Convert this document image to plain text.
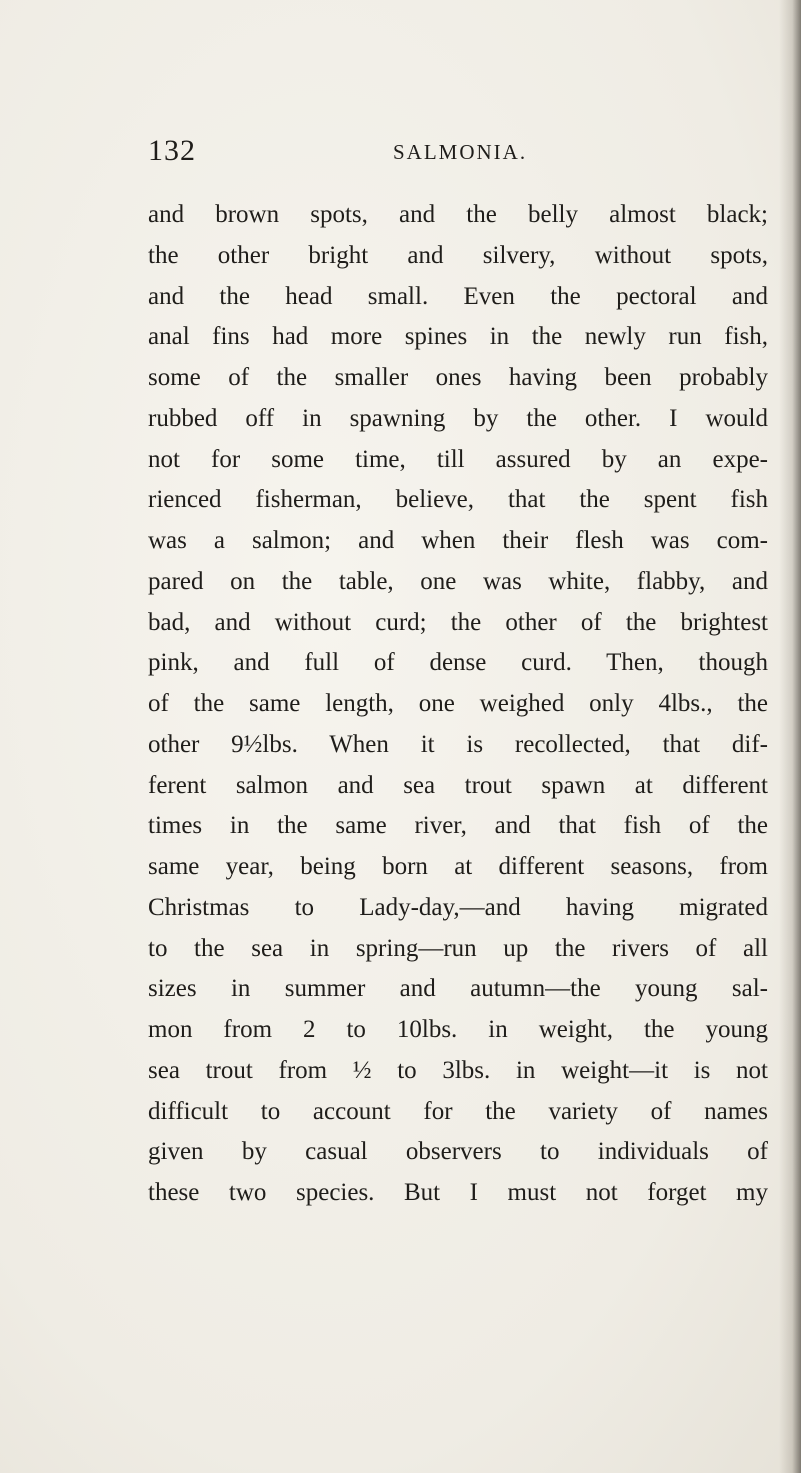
132	SALMONIA.
and brown spots, and the belly almost black;
the other bright and silvery, without spots,
and the head small. Even the pectoral and
anal fins had more spines in the newly run fish,
some of the smaller ones having been probably
rubbed off in spawning by the other. I would
not for some time, till assured by an expe-
rienced fisherman, believe, that the spent fish
was a salmon; and when their flesh was com-
pared on the table, one was white, flabby, and
bad, and without curd; the other of the brightest
pink, and full of dense curd. Then, though
of the same length, one weighed only 4lbs., the
other 9½lbs. When it is recollected, that dif-
ferent salmon and sea trout spawn at different
times in the same river, and that fish of the
same year, being born at different seasons, from
Christmas to Lady-day,—and having migrated
to the sea in spring—run up the rivers of all
sizes in summer and autumn—the young sal-
mon from 2 to 10lbs. in weight, the young
sea trout from ½ to 3lbs. in weight—it is not
difficult to account for the variety of names
given by casual observers to individuals of
these two species. But I must not forget my
